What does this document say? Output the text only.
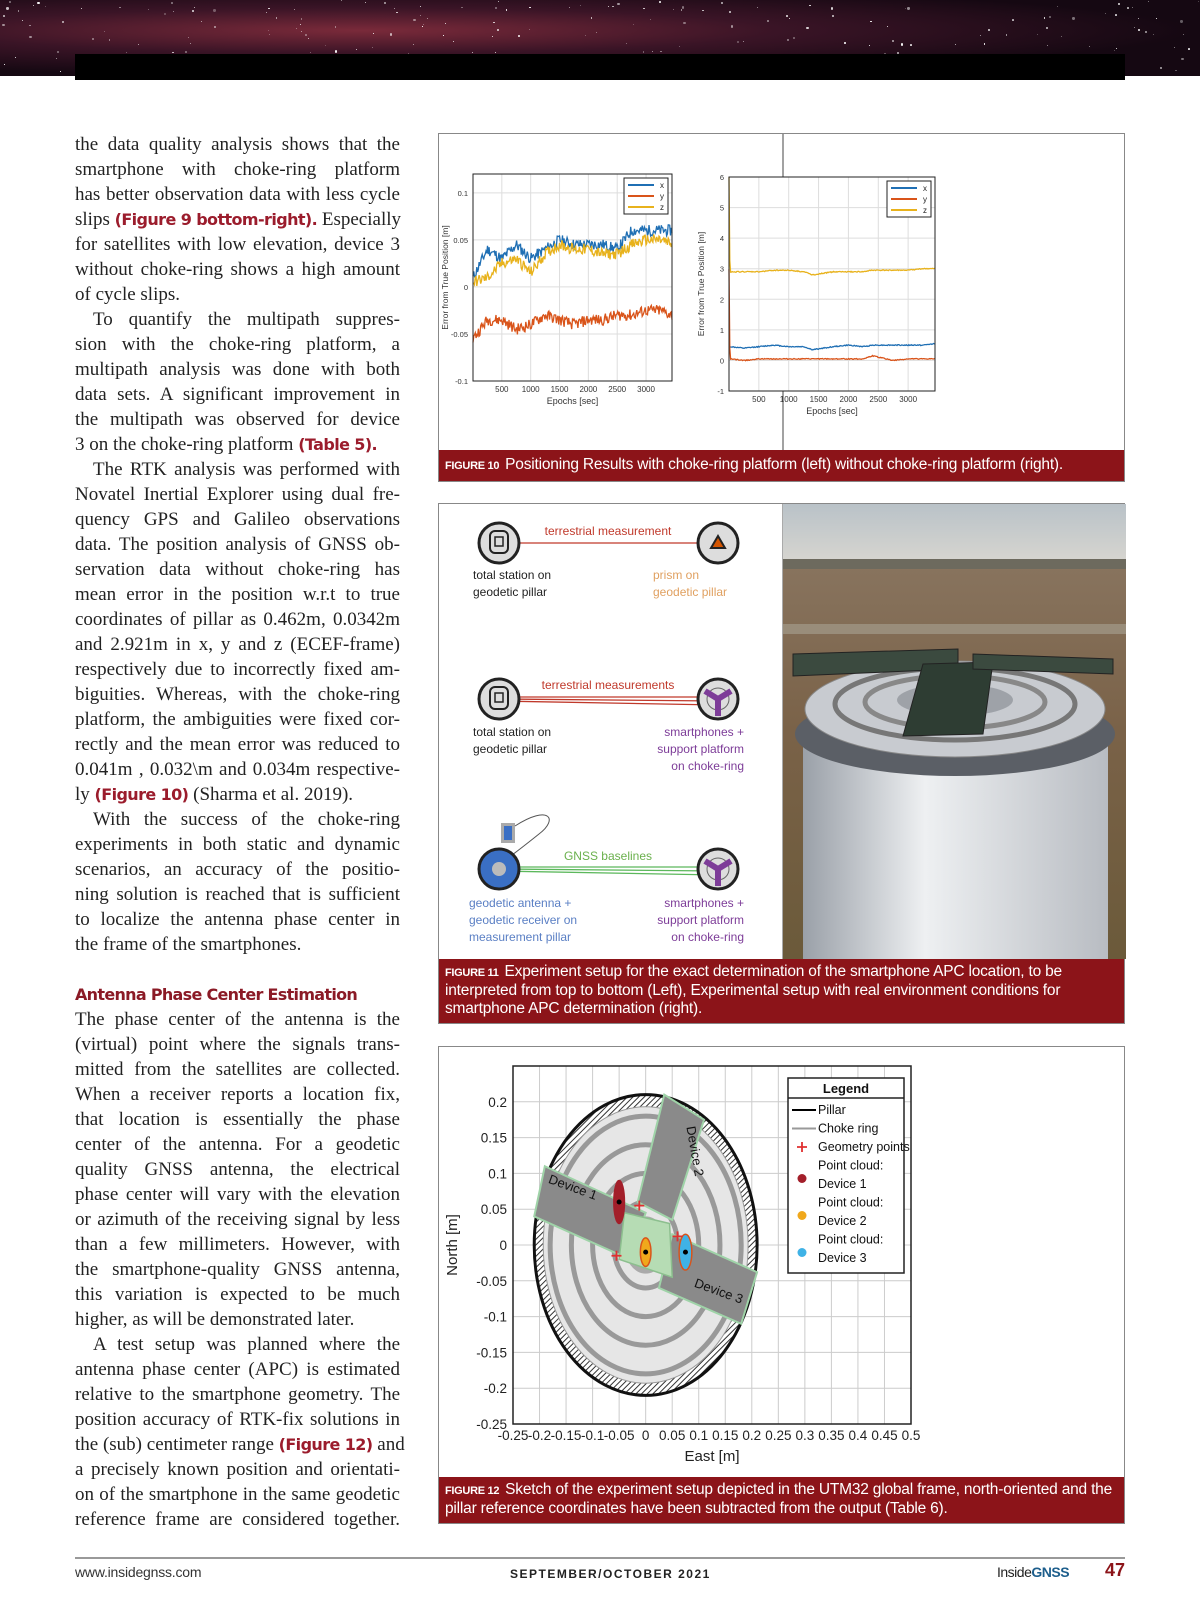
the data quality analysis shows that the
smartphone with choke-ring platform
has better observation data with less cycle
slips (Figure 9 bottom-right). Especially
for satellites with low elevation, device 3
without choke-ring shows a high amount
of cycle slips.
To quantify the multipath suppres-
sion with the choke-ring platform, a
multipath analysis was done with both
data sets. A significant improvement in
the multipath was observed for device
3 on the choke-ring platform (Table 5).
The RTK analysis was performed with
Novatel Inertial Explorer using dual fre-
quency GPS and Galileo observations
data. The position analysis of GNSS ob-
servation data without choke-ring has
mean error in the position w.r.t to true
coordinates of pillar as 0.462m, 0.0342m
and 2.921m in x, y and z (ECEF-frame)
respectively due to incorrectly fixed am-
biguities. Whereas, with the choke-ring
platform, the ambiguities were fixed cor-
rectly and the mean error was reduced to
0.041m , 0.032\m and 0.034m respective-
ly (Figure 10) (Sharma et al. 2019).
With the success of the choke-ring
experiments in both static and dynamic
scenarios, an accuracy of the positio-
ning solution is reached that is sufficient
to localize the antenna phase center in
the frame of the smartphones.
Antenna Phase Center Estimation
The phase center of the antenna is the
(virtual) point where the signals trans-
mitted from the satellites are collected.
When a receiver reports a location fix,
that location is essentially the phase
center of the antenna. For a geodetic
quality GNSS antenna, the electrical
phase center will vary with the elevation
or azimuth of the receiving signal by less
than a few millimeters. However, with
the smartphone-quality GNSS antenna,
this variation is expected to be much
higher, as will be demonstrated later.
A test setup was planned where the
antenna phase center (APC) is estimated
relative to the smartphone geometry. The
position accuracy of RTK-fix solutions in
the (sub) centimeter range (Figure 12) and
a precisely known position and orientati-
on of the smartphone in the same geodetic
reference frame are considered together.
500 1000 1500 2000 2500 3000
-0.1
-0.05
0
0.05
0.1
x
y
z
Epochs [sec]
Error from True Position [m]
500 1000 1500 2000 2500 3000
-1
0
1
2
3
4
5
6
x
y
z
Epochs [sec]
Error from True Position [m]
FIGURE 10 Positioning Results with choke-ring platform (left) without choke-ring platform (right).
terrestrial measurement
total station on
geodetic pillar
prism on
geodetic pillar
terrestrial measurements
total station on
geodetic pillar
smartphones +
support platform
on choke-ring
GNSS baselines
geodetic antenna +
geodetic receiver on
measurement pillar
smartphones +
support platform
on choke-ring
FIGURE 11 Experiment setup for the exact determination of the smartphone APC location, to be interpreted from top to bottom (Left), Experimental setup with real environment conditions for smartphone APC determination (right).
-0.25 -0.2 -0.15 -0.1 -0.05 0 0.05 0.1 0.15 0.2 0.25 0.3 0.35 0.4 0.45 0.5
-0.25
-0.2
-0.15
-0.1
-0.05
0
0.05
0.1
0.15
0.2
Device 1
Device 2
Device 3
East [m]
North [m]
Legend
Pillar
Choke ring
Geometry points
Point cloud:
Device 1
Point cloud:
Device 2
Point cloud:
Device 3
FIGURE 12 Sketch of the experiment setup depicted in the UTM32 global frame, north-oriented and the pillar reference coordinates have been subtracted from the output (Table 6).
www.insidegnss.com	SEPTEMBER/OCTOBER 2021	InsideGNSS 47
